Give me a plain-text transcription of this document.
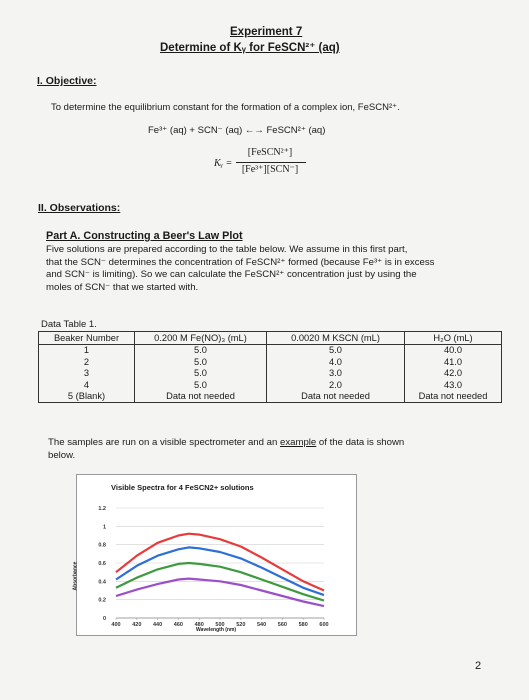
Experiment 7
Determine of Kᵧ for FeSCN²⁺ (aq)
I. Objective:
To determine the equilibrium constant for the formation of a complex ion, FeSCN²⁺.
Fe³⁺ (aq) + SCN⁻ (aq) ←→ FeSCN²⁺ (aq)
Kᵧ =
[FeSCN²⁺]
[Fe³⁺][SCN⁻]
II. Observations:
Part A. Constructing a Beer's Law Plot
Five solutions are prepared according to the table below. We assume in this first part,
that the SCN⁻ determines the concentration of FeSCN²⁺ formed (because Fe³⁺ is in excess
and SCN⁻ is limiting). So we can calculate the FeSCN²⁺ concentration just by using the
moles of SCN⁻ that we started with.
Data Table 1.
Beaker Number	0.200 M Fe(NO)₃ (mL)	0.0020 M KSCN (mL)	H₂O (mL)
1	5.0	5.0	40.0
2	5.0	4.0	41.0
3	5.0	3.0	42.0
4	5.0	2.0	43.0
5 (Blank)	Data not needed	Data not needed	Data not needed
The samples are run on a visible spectrometer and an example of the data is shown
below.
Visible Spectra for 4 FeSCN2+ solutions
0
0.2
0.4
0.6
0.8
1
1.2
400 420 440 460 480 500 520 540 560 580 600
Absorbance
Wavelength (nm)
2
